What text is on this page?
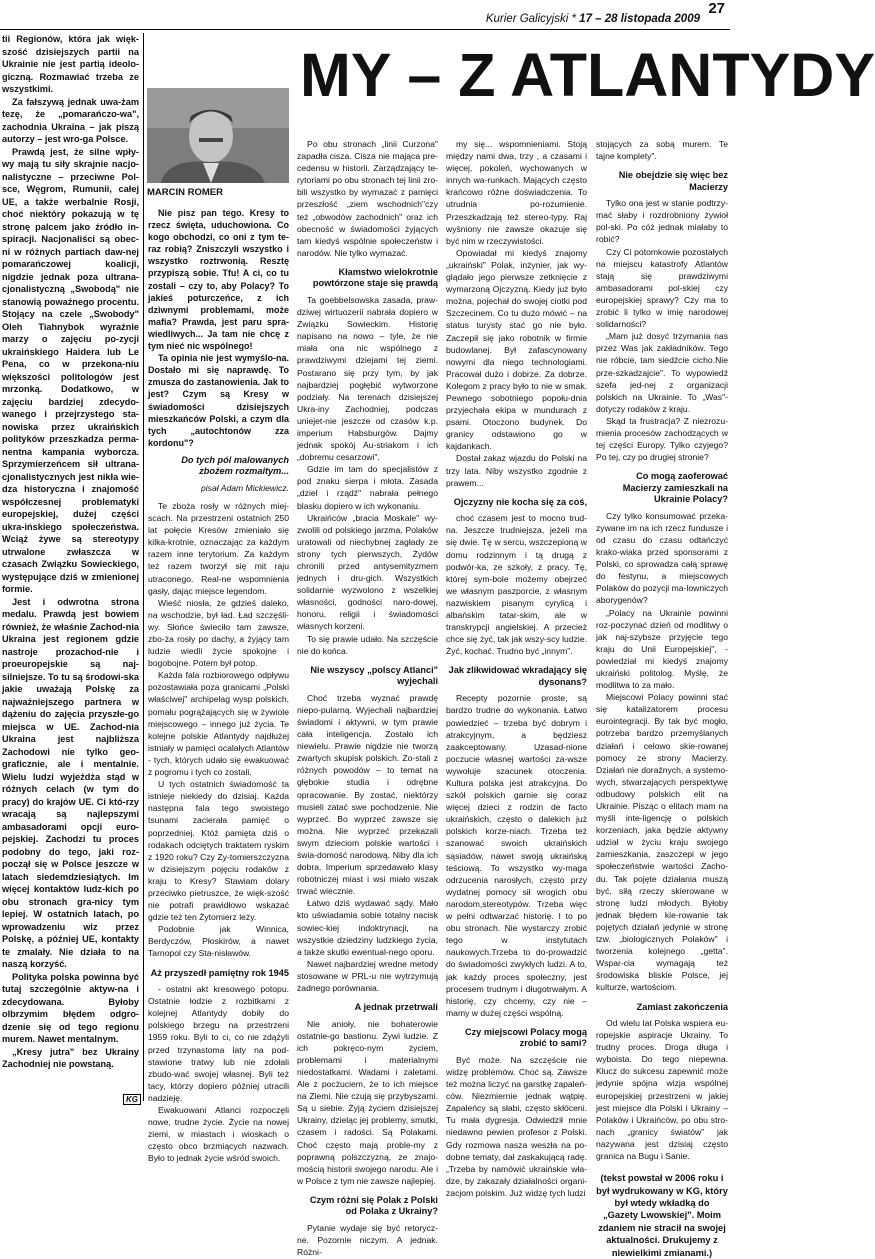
Kurier Galicyjski * 17 – 28 listopada 2009
27
MY – Z ATLANTYDY
MARCIN ROMER

tii Regionów, która jak więk-szość dzisiejszych partii na Ukrainie nie jest partią ideolo-giczną. Rozmawiać trzeba ze wszystkimi.

Za fałszywą jednak uwa-żam tezę, że „pomarańczo-wa", zachodnia Ukraina – jak piszą autorzy – jest wro-ga Polsce.

Prawdą jest, że silne wpły-wy mają tu siły skrajnie nacjo-nalistyczne – przeciwne Pol-sce, Węgrom, Rumunii, całej UE, a także werbalnie Rosji, choć niektóry pokazują w tę stronę palcem jako źródło in-spiracji. Nacjonaliści są obec-ni w różnych partiach daw-nej pomarańczowej koalicji, nigdzie jednak poza ultrana-cjonalistyczną „Swobodą" nie stanowią poważnego procentu. Stojący na czele „Swobody" Oleh Tiahnybok wyraźnie marzy o zajęciu po-zycji ukraińskiego Haidera lub Le Pena, co w przekona-niu większości politologów jest mrzonką. Dodatkowo, w zajęciu bardziej zdecydo-wanego i przejrzystego sta-nowiska przez ukraińskich polityków przeszkadza perma-nentna kampania wyborcza. Sprzymierzeńcem sił ultrana-cjonalistycznych jest nikła wie-dza historyczna i znajomość współczesnej problematyki europejskiej, dużej części ukra-ińskiego społeczeństwa. Wciąż żywe są stereotypy utrwalone zwłaszcza w czasach Związku Sowieckiego, występujące dziś w zmienionej formie.

Jest i odwrotna strona medalu. Prawdą jest bowiem również, że właśnie Zachod-nia Ukraina jest regionem gdzie nastroje prozachod-nie i proeuropejskie są naj-silniejsze. To tu są środowi-ska jakie uważają Polskę za najważniejszego partnera w dążeniu do zajęcia przyszłe-go miejsca w UE. Zachod-nia Ukraina jest najbliższa Zachodowi nie tylko geo-graficznie, ale i mentalnie. Wielu ludzi wyjeżdża stąd w różnych celach (w tym do pracy) do krajów UE. Ci któ-rzy wracają są najlepszymi ambasadorami opcji euro-pejskiej. Zachodzi tu proces podobny do tego, jaki roz-począł się w Polsce jeszcze w latach siedemdziesiątych. Im więcej kontaktów ludz-kich po obu stronach gra-nicy tym lepiej. W ostatnich latach, po wprowadzeniu wiz przez Polskę, a później UE, kontakty te zmalały. Nie działa to na naszą korzyść.

Polityka polska powinna być tutaj szczególnie aktyw-na i zdecydowana. Byłoby olbrzymim błędem odgro-dzenie się od tego regionu murem. Nawet mentalnym.

„Kresy jutra" bez Ukrainy Zachodniej nie powstaną.

Nie pisz pan tego. Kresy to rzecz święta, uduchowiona. Co kogo obchodzi, co oni z tym te-raz robią? Zniszczyli wszystko i wszystko roztrwonią. Resztę przypiszą sobie. Tfu! A ci, co tu zostali – czy to, aby Polacy? To jakieś poturczeńce, z ich dziwnymi problemami, może mafia? Prawda, jest paru spra-wiedliwych... Ja tam nie chcę z tym nieć nic wspólnego!

Ta opinia nie jest wymyślo-na. Dostało mi się naprawdę. To zmusza do zastanowienia. Jak to jest? Czym są Kresy w świadomości dzisiejszych mieszkańców Polski, a czym dla tych „autochtonów zza kordonu"?

Do tych pól malowanych zbożem rozmaitym...
pisał Adam Mickiewicz.

Te zboża rosły w różnych miej-scach. Na przestrzeni ostatnich 250 lat połęcie Kresów zmieniało się kilka-krotnie, oznaczając za każdym razem inne terytorium. Za każdym też razem tworzył się mit raju utraconego. Real-ne wspomnienia gasły, dając miejsce legendom.

Wieść niosła, że gdzieś daleko, na wschodzie, był ład. Ład szczęśli-wy. Słońce świeciło tam zawsze, zbo-ża rosły po dachy, a żyjący tam ludzie wiedli życie spokojne i bogobojne. Potem był potop.

Każda fala rozbiorowego odpływu pozostawiała poza granicami „Polski właściwej" archipelag wysp polskich, pomału pogrążających się w żywiole miejscowego – innego już życia. Te kolejne polskie Atlantydy najdłużej istniały w pamięci ocalałych Atlantów - tych, których udało się ewakuować z pogromu i tych co zostali.

U tych ostatnich świadomość ta istnieje niekiedy do dzisiaj. Każda następna fala tego swoistego tsunami zacierała pamięć o poprzedniej. Któż pamięta dziś o rodakach odciętych traktatem ryskim z 1920 roku? Czy Zy-tomierszczyzna w dzisiejszym pojęciu rodaków z kraju to Kresy? Stawiam dolary przeciwko pietruszce, że więk-szość nie potrafi prawidłowo wskazać gdzie też ten Żytomierz leży.

Podobnie jak Winnica, Berdyczów, Płoskirów, a nawet Tarnopol czy Sta-nisławów.

Aż przyszedł pamiętny rok 1945

- ostatni akt kresowego potopu. Ostatnie łodzie z rozbitkami z kolejnej Atlantydy dobiły do polskiego brzegu na przestrzeni 1959 roku. Byli to ci, co nie zdążyli przed trzynastoma laty na pod-stawione tratwy lub nie zdołali zbudo-wać swojej własnej. Byli też tacy, którzy dopiero później utracili nadzieję.

Ewakuowani Atlanci rozpoczęli nowe, trudne życie. Życie na nowej ziemi, w miastach i wioskach o często obco brzmiących nazwach. Było to jednak życie wśród swoich.

Po obu stronach „linii Curzona" zapadła cisza. Cisza nie mająca pre-cedensu w historii. Zarządzający te-rytoriami po obu stronach tej linii zro-bili wszystko by wymazać z pamięci przeszłość „ziem wschodnich"czy też „obwodów zachodnich" oraz ich obecność w świadomości żyjących tam kiedyś wspólnie społeczeństw i narodów. Nie tylko wymazać.

Kłamstwo wielokrotnie powtórzone staje się prawdą

Ta goebbelsowska zasada, praw-dziwej wirtuozerii nabrała dopiero w Związku Sowieckim. Historię napisano na nowo – tyle, że nie miała ona nic wspólnego z prawdziwymi dziejami tej ziemi. Postarano się przy tym, by jak najbardziej pogłębić wytworzone podziały. Na terenach dzisiejszej Ukra-iny Zachodniej, podczas uniejet-nie jeszcze od czasów k.p. imperium Habsburgów. Dajmy jednak spokój Au-striakom i ich „dobremu cesarzowi".

Gdzie im tam do specjalistów z pod znaku sierpa i młota. Zasada „dziel i rządź" nabrała pełnego blasku dopiero w ich wykonaniu.

Ukraińców „bracia Moskale" wy-zwolili od polskiego jarzma, Polaków uratowali od niechybnej zagłady ze strony tych pierwszych, Żydów chronili przed antysemityzmem jednych i dru-gich. Wszystkich solidarnie wyzwolono z wszelkiej własności, godności naro-dowej, honoru, religii i świadomości własnych korzeni.

To się prawie udało. Na szczęście nie do końca.

Nie wszyscy „polscy Atlanci" wyjechali

Choć trzeba wyznać prawdę niepo-pularną. Wyjechali najbardziej świadomi i aktywni, w tym prawie cała inteligencja. Zostało ich niewielu. Prawie nigdzie nie tworzą zwartych skupisk polskich. Zo-stali z różnych powodów – to temat na głębokie studia i odrębne opracowanie. By zostać, niektórzy musieli zatać swe pochodzenie. Nie wyprzeć. Bo wyprzeć zawsze się można. Nie wyprzeć przekazali swym dzieciom polskie wartości i świa-domość narodową. Niby dla ich dobra. Imperium sprzedawało klasy robotniczej miast i wsi miało wszak trwać wiecznie.

Łatwo dziś wydawać sądy. Mało kto uświadamia sobie totalny nacisk sowiec-kiej indoktrynacji, na wszystkie dziedziny ludzkiego życia, a także skutki ewentual-nego oporu.

Nawet najbardziej wredne metody stosowane w PRL-u nie wytrzymują żadnego porównania.

A jednak przetrwali

Nie anioły, nie bohaterowie ostatnie-go bastionu. Żywi ludzie. Z ich pokręco-nym życiem, problemami i materialnymi niedostatkami. Wadami i zaletami. Ale z pocżuciem, że to ich miejsce na Ziemi. Nie czują się przybyszami. Są u siebie. Żyją życiem dzisiejszej Ukrainy, dzieląc jej problemy, smutki, czasem i radości. Są Polakami. Choć często mają proble-my z poprawną polszczyzną, ze znajo-mością historii swojego narodu. Ale i w Polsce z tym nie zawsze najlepiej.

Czym różni się Polak z Polski od Polaka z Ukrainy?

Pytanie wydaje się być retorycz-ne. Pozornie niczym. A jednak. Różni-

my się... wspomnieniami. Stoją między nami dwa, trzy , a czasami i więcej, pokoleń, wychowanych w innych wa-runkach. Mających często krańcowo różne doświadczenia. To utrudnia po-rozumienie. Przeszkadzają też stereo-typy. Raj wyśniony nie zawsze okazuje się być nim w rzeczywistości.

Opowiadał mi kiedyś znajomy „ukraiński" Polak, inżynier, jak wy-glądało jego pierwsze zetknięcie z wymarzoną Ojczyzną. Kiedy już było można, pojechał do swojej ciotki pod Szczecinem. Co tu dużo mówić – na status turysty stać go nie było. Zaczepił się jako robotnik w firmie budowlanej. Był zafascynowany nowymi dla niego technologiami. Pracował dużo i dobrze. Za dobrze. Kolegom z pracy było to nie w smak. Pewnego sobotniego popołu-dnia przyjechała ekipa w mundurach z psami. Otoczono budynek. Do granicy odstawiono go w kajdankach.

Dostał zakaz wjazdu do Polski na trzy lata. Niby wszystko zgodnie z prawem...

Ojczyzny nie kocha się za coś,

choć czasem jest to mocno trud-na. Jeszcze trudniejsza, jeżeli ma się dwie. Tę w sercu, wszczepioną w domu rodzinnym i tą drugą z podwór-ka, ze szkoły, z pracy. Tę, której sym-bole możemy obejrzeć we własnym paszporcie, z własnym nazwiskiem pisanym cyrylicą i albańskim tatar-skim, ale w transkrypcji angielskiej. A przecież chce się żyć, tak jak wszy-scy ludzie. Żyć, kochać. Trudno być „innym".

Jak zlikwidować wkradający się dysonans?

Recepty pozornie proste, są bardzo trudne do wykonania. Łatwo powiedzieć – trzeba być dobrym i atrakcyjnym, a będziesz zaakceptowany. Uzasad-nione poczucie własnej wartości za-wsze wywołuje szacunek otoczenia. Kultura polska jest atrakcyjna. Do szkół polskich garnie się coraz więcej dzieci z rodzin de facto ukraińskich, często o dalekich już polskich korze-niach. Trzeba też szanować swoich ukraińskich sąsiadów, nawet swoją ukraińską teściową. To wszystko wy-maga odrzucenia narosłych, często przy wydatnej pomocy sił wrogich obu narodom,stereotypów. Trzeba więc w pełni odtwarzać historię. I to po obu stronach. Nie wystarczy zrobić tego w instytutach naukowych.Trzeba to do-prowadzić do świadomości zwykłych ludzi. A to, jak każdy proces społeczny, jest procesem trudnym i długotrwałym. A historię, czy chcemy, czy nie – mamy w dużej części wspólną.

Czy miejscowi Polacy mogą zrobić to sami?

Być może. Na szczęście nie widzę problemów. Choć są. Zawsze też można liczyć na garstkę zapaleń-ców. Niezmiernie jednak wątpię. Zapaleńcy są słabi, często skłóceni. Tu mała dygresja. Odwiedził mnie niedawno pewien profesor z Polski. Gdy rozmowa nasza weszła na po-dobne tematy, dał zaskakującą radę. „Trzeba by namówić ukraińskie wła-dze, by zakazały działalności organi-zacjom polskim. Już widzę tych ludzi

stojących za sobą murem. Te tajne komplety".

Nie obejdzie się więc bez Macierzy

Tylko ona jest w stanie podtrzy-mać słaby i rozdrobniony żywioł pol-ski. Po cóż jednak miałaby to robić?

Czy Ci potomkowie pozostałych na miejscu katastrofy Atlantów stają się prawdziwymi ambasadorami pol-skiej czy europejskiej sprawy? Czy ma to zrobić li tylko w imię narodowej solidarności?

„Mam już dosyć trzymania nas przez Was jak zakładników. Tego nie róbcie, tam siedźcie cicho.Nie prze-szkadzajcie". To wypowiedź szefa jed-nej z organizacji polskich na Ukrainie. To „Was"- dotyczy rodaków z kraju.

Skąd ta frustracja? Z niezrozu-mienia procesów zachodzących w tej części Europy. Tylko czyjego? Po tej, czy po drugiej stronie?

Co mogą zaoferować Macierzy zamieszkali na Ukrainie Polacy?

Czy tylko konsumować przeka-zywane im na ich rzecz fundusze i od czasu do czasu odtańczyć krako-wiaka przed sponsorami z Polski, co sprowadza całą sprawę do festynu, a miejscowych Polaków do pozycji ma-lowniczych aborygenów?

„Polacy na Ukrainie powinni roz-poczynać dzień od modlitwy o jak naj-szybsze przyjęcie tego kraju do Unii Europejskiej", - powiedział mi kiedyś znajomy ukraiński politolog. Myślę, że modlitwa to za mało.

Miejscowi Polacy powinni stać się katalizatorem procesu eurointegracji. By tak być mogło, potrzeba bardzo przemyślanych działań i celowo skie-rowanej pomocy ze strony Macierzy. Działań nie doraźnych, a systemo-wych, stwarzających perspektywę odbudowy polskich elit na Ukrainie. Pisząc o elitach mam na myśli inte-ligencję o polskich korzeniach, jaka będzie aktywny udział w życiu kraju swojego zamieszkania, zaszczepi w jego społeczeństwie wartości Zacho-du. Tak pojęte działania muszą być, siłą rzeczy skierowane w stronę ludzi młodych. Byłoby jednak błędem kie-rowanie tak pojętych działań jedynie w stronę tzw. „biologicznych Polaków" i tworzenia kolejnego „getta". Wspar-cia wymagają też środowiska bliskie Polsce, jej kulturze, wartościom.

Zamiast zakończenia

Od wielu lat Polska wspiera eu-ropejskie aspiracje Ukrainy. To trudny proces. Droga długa i wyboista. Do tego niepewna. Klucz do sukcesu zapewnić może jedynie spójna wizja wspólnej europejskiej przestrzeni w jakiej jest miejsce dla Polski i Ukrainy – Polaków i Ukraińców, po obu stro-nach „granicy światów" jak nazywana jest dzisiaj często granica na Bugu i Sanie.

(tekst powstał w 2006 roku i był wydrukowany w KG, który był wtedy wkładką do „Gazety Lwowskiej". Moim zdaniem nie stracił na swojej aktualności. Drukujemy z niewielkimi zmianami.)
KG
